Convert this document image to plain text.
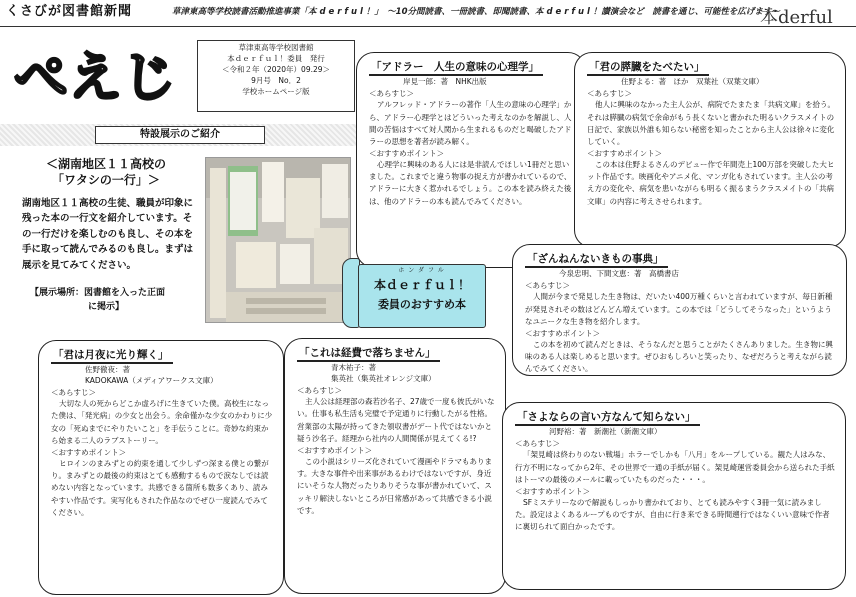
くさびが図書館新聞	草津東高等学校読書活動推進事業「本 d e r f u l ！」　～10分間読書、一冊読書、即聞読書、本 d e r f u l ！讃演会など　読書を通じ、可能性を広げます～
本derful
ぺえじ	草津東高等学校図書館
本ｄｅｒｆｕｌ！委員　発行
＜令和２年（2020年）09.29＞
9月号　No．2
学校ホームページ版
特設展示のご紹介
＜湖南地区１１高校の
「ワタシの一行」＞
湖南地区１１高校の生徒、職員が印象に残った本の一行文を紹介しています。その一行だけを楽しむのも良し、その本を手に取って読んでみるのも良し。まずは展示を見てみてください。
【展示場所：図書館を入った正面
に掲示】
「アドラー　人生の意味の心理学」
岸見一郎：著　NHK出版
＜あらすじ＞
アルフレッド・アドラーの著作「人生の意味の心理学」から、アドラー心理学とはどういった考えなのかを解説し、人間の苦悩はすべて対人関から生まれるものだと喝破したアドラーの思想を著者が読み解く。
＜おすすめポイント＞
心理学に興味のある人には是非読んでほしい1冊だと思いました。これまでと違う物事の捉え方が書かれているので、アドラーに大きく惹かれるでしょう。この本を読み終えた後は、他のアドラーの本も読んでみてください。
「君の膵臓をたべたい」
住野よる：著　ほか　双葉社（双葉文庫）
＜あらすじ＞
他人に興味のなかった主人公が、病院でたまたま「共病文庫」を拾う。それは膵臓の病気で余命がもう長くないと書かれた明るいクラスメイトの日記で、家族以外誰も知らない秘密を知ったことから主人公は徐々に変化していく。
＜おすすめポイント＞
この本は住野よるさんのデビュー作で年間売上100万部を突破した大ヒット作品です。映画化やアニメ化、マンガ化もされています。主人公の考え方の変化や、病気を患いながらも明るく振るまうクラスメイトの「共病文庫」の内容に考えさせられます。
「ざんねんないきもの事典」
今泉忠明、下間文恵：著　高橋書店
＜あらすじ＞
人間が今まで発見した生き物は、だいたい400万種くらいと言われていますが、毎日新種が発見されその数はどんどん増えています。この本では「どうしてそうなった」というようなユニークな生き物を紹介します。
＜おすすめポイント＞
この本を初めて読んだときは、そうなんだと思うことがたくさんありました。生き物に興味のある人は楽しめると思います。ぜひおもしろいと笑ったり、なぜだろうと考えながら読んでみてください。
「君は月夜に光り輝く」
佐野徹夜：著
KADOKAWA（メディアワークス文庫）
＜あらすじ＞
大切な人の死からどこか虚ろげに生きていた僕。高校生になった僕は、「発光病」の少女と出会う。余命僅かな少女のかわりに少女の「死ぬまでにやりたいこと」を手伝うことに。奇妙な約束から始まる二人のラブストーリー。
＜おすすめポイント＞
ヒロインのまみずとの約束を通して少しずつ深まる僕との繋がり。まみずとの最後の約束はとても感動するもので涙なしでは読めない内容となっています。共感できる箇所も数多くあり、読みやすい作品です。実写化もされた作品なのでぜひ一度読んでみてください。
「これは経費で落ちません」
青木祐子：著
集英社（集英社オレンジ文庫）
＜あらすじ＞
主人公は経理部の森若沙名子、27歳で一度も彼氏がいない。仕事も私生活も完璧で予定通りに行動したがる性格。営業部の太陽が持ってきた領収書がデート代ではないかと疑う沙名子。経理から社内の人間関係が見えてくる!?
＜おすすめポイント＞
この小説はシリーズ化されていて漫画やドラマもあります。大きな事件や出来事があるわけではないですが、身近にいそうな人物だったりありそうな事が書かれていて、スッキリ解決しないところが日常感があって共感できる小説です。
「さよならの言い方なんて知らない」
河野裕：著　新潮社（新潮文庫）
＜あらすじ＞
「架見崎は終わりのない戦場」ホラーでしかも「八月」をループしている。観た人はみな、行方不明になってから2年、その世界で一通の手紙が届く。架見崎運営委員会から送られた手紙はトーマの最後のメールに載っていたものだった・・・。
＜おすすめポイント＞
SFミステリーなので解説もしっかり書かれており、とても読みやすく3冊一気に読みました。設定はよくあるループものですが、自由に行き来できる時間遡行ではなくいい意味で作者に裏切られて面白かったです。
ホンダフル
本ｄｅｒｆｕｌ！
委員のおすすめ本
